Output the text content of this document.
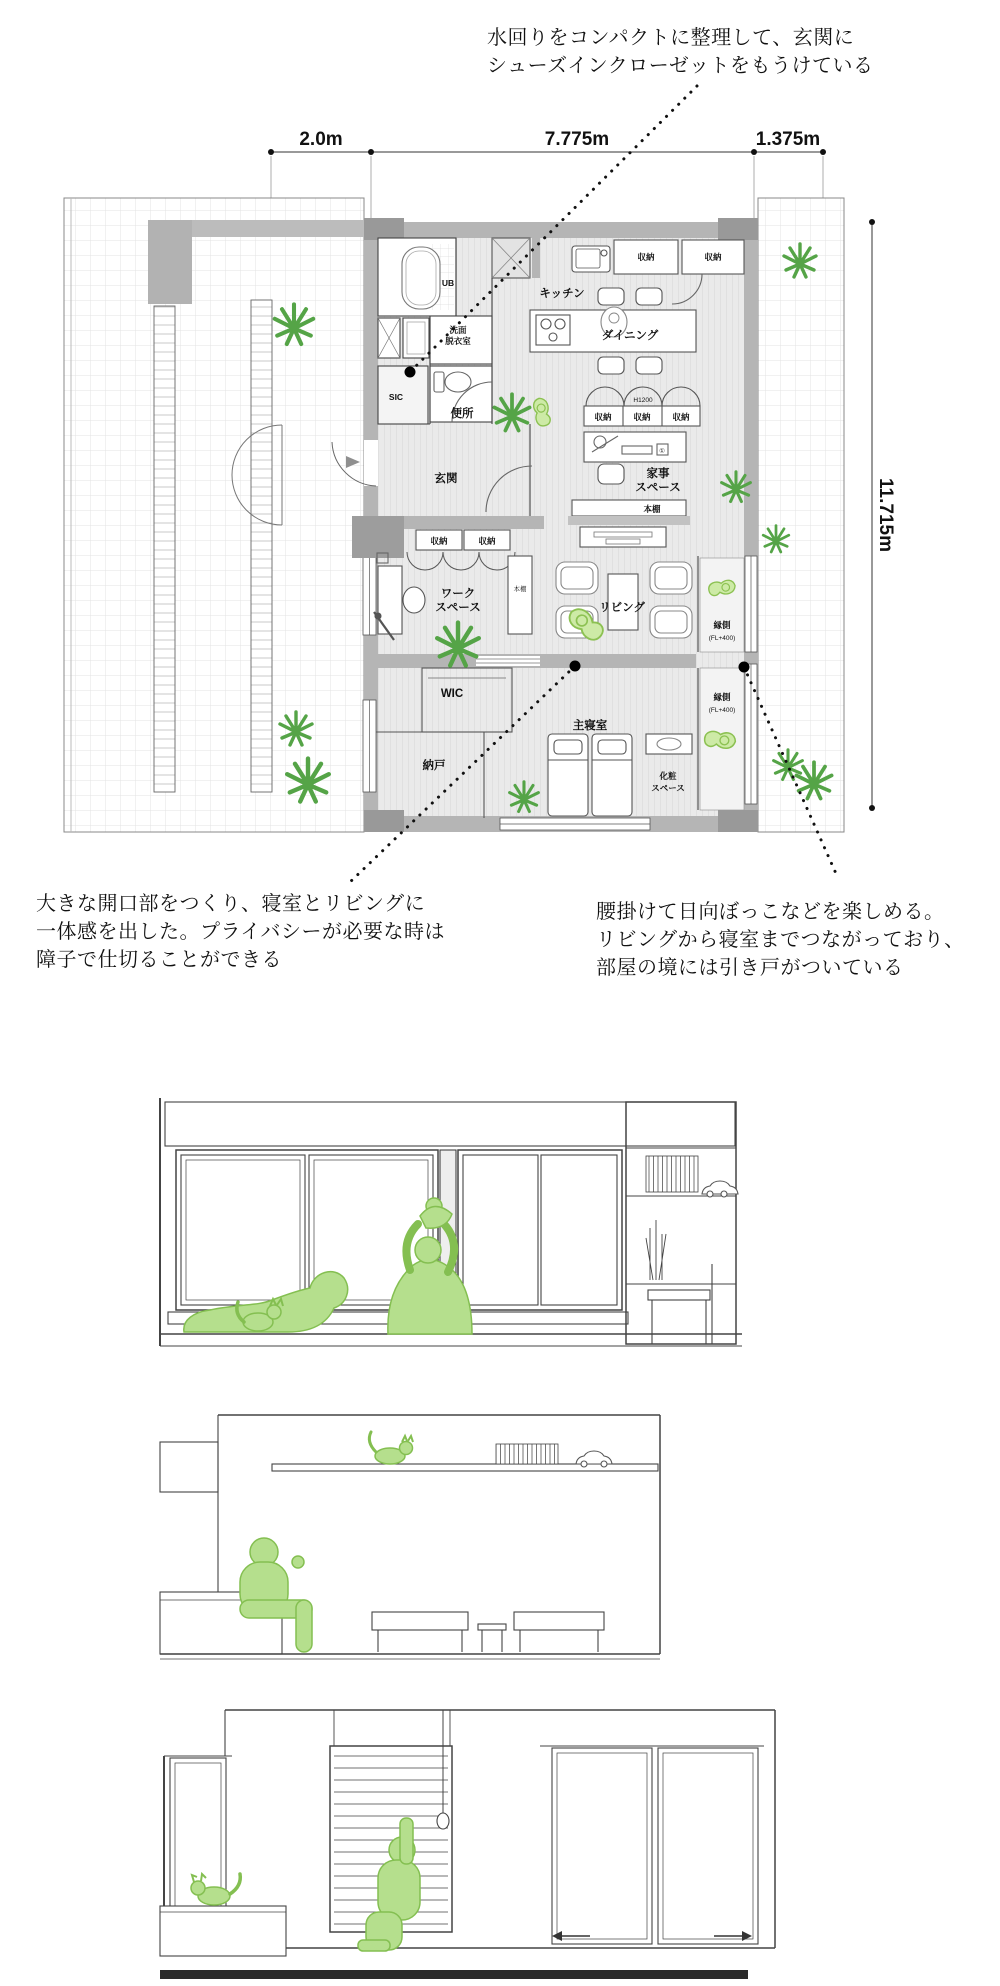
水回りをコンパクトに整理して、玄関に
シューズインクローゼットをもうけている
大きな開口部をつくり、寝室とリビングに
一体感を出した。プライバシーが必要な時は
障子で仕切ることができる
腰掛けて日向ぼっこなどを楽しめる。
リビングから寝室までつながっており、
部屋の境には引き戸がついている
2.0m	7.775m	1.375m
11.715m
UB
洗面
脱衣室
SIC
便所
玄関
キッチン
ダイニング
収納	収納
H1200
収納	収納	収納
①
家事
スペース
本棚
収納	収納
ワーク
スペース
本棚
リビング
縁側
(FL+400)
縁側
(FL+400)
WIC
納戸
主寝室
化粧
スペース
